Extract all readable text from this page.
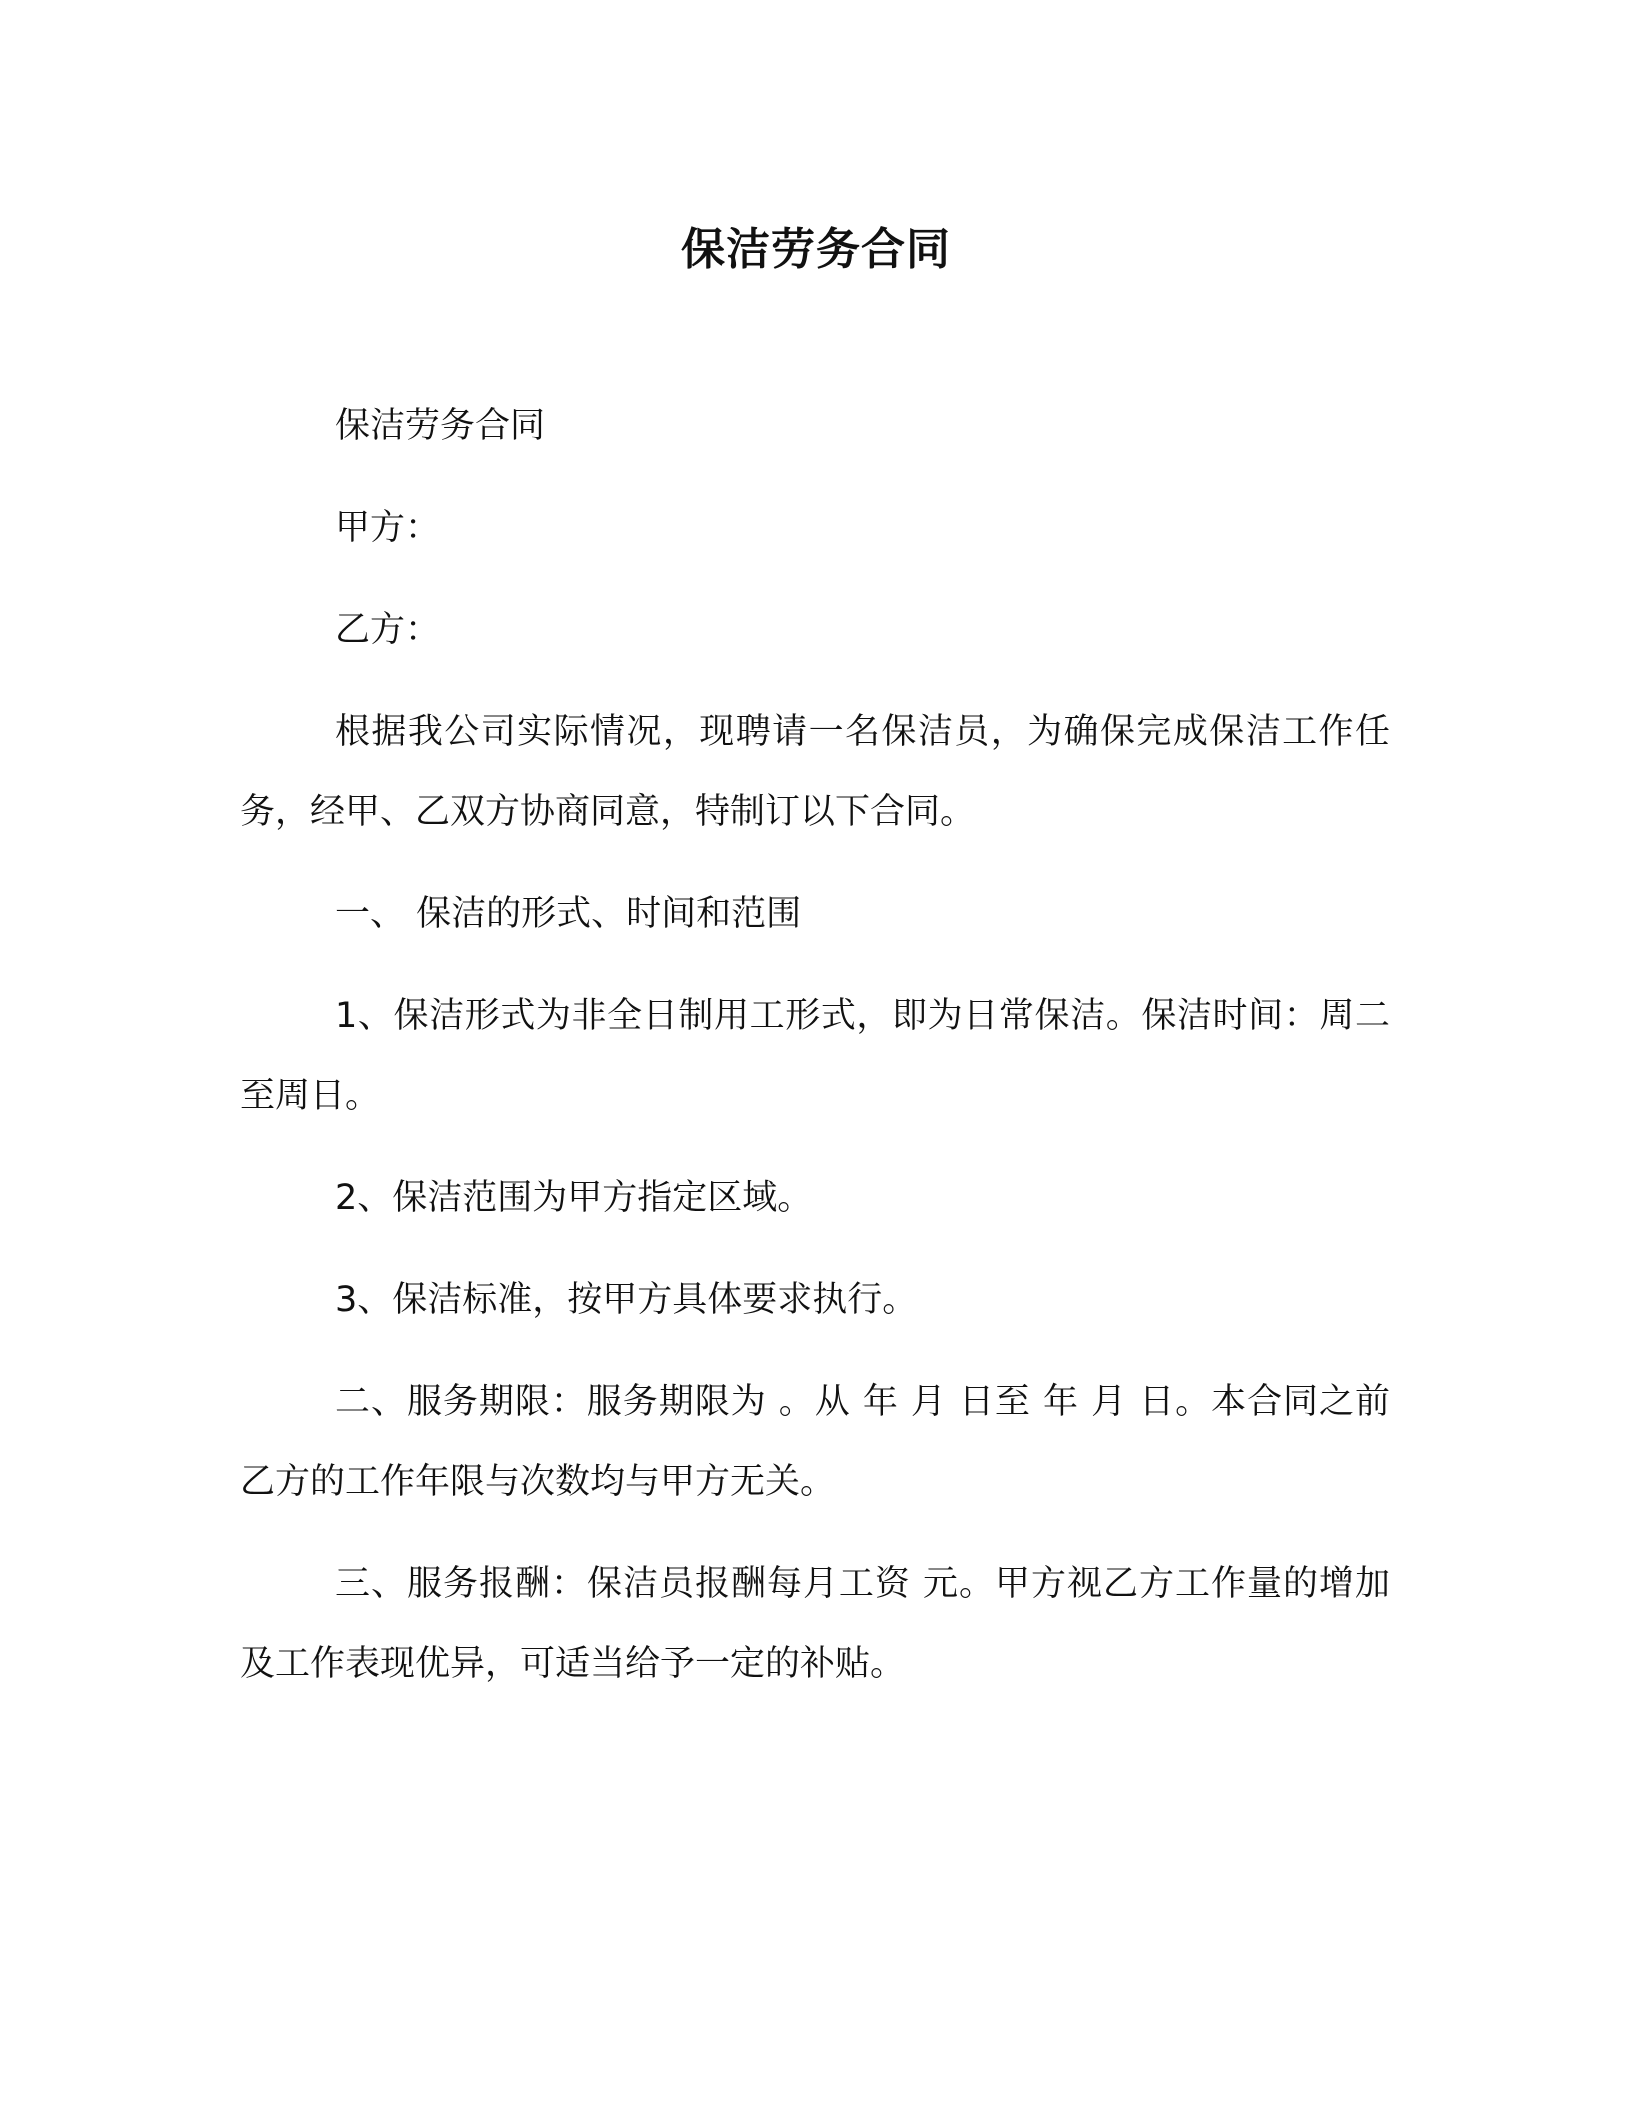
保洁劳务合同

保洁劳务合同

甲方：

乙方：

根据我公司实际情况，现聘请一名保洁员，为确保完成保洁工作任务，经甲、乙双方协商同意，特制订以下合同。

一、 保洁的形式、时间和范围

1、保洁形式为非全日制用工形式，即为日常保洁。保洁时间：周二至周日。

2、保洁范围为甲方指定区域。

3、保洁标准，按甲方具体要求执行。

二、服务期限：服务期限为 。从 年 月 日至 年 月 日。本合同之前乙方的工作年限与次数均与甲方无关。

三、服务报酬：保洁员报酬每月工资 元。甲方视乙方工作量的增加及工作表现优异，可适当给予一定的补贴。
